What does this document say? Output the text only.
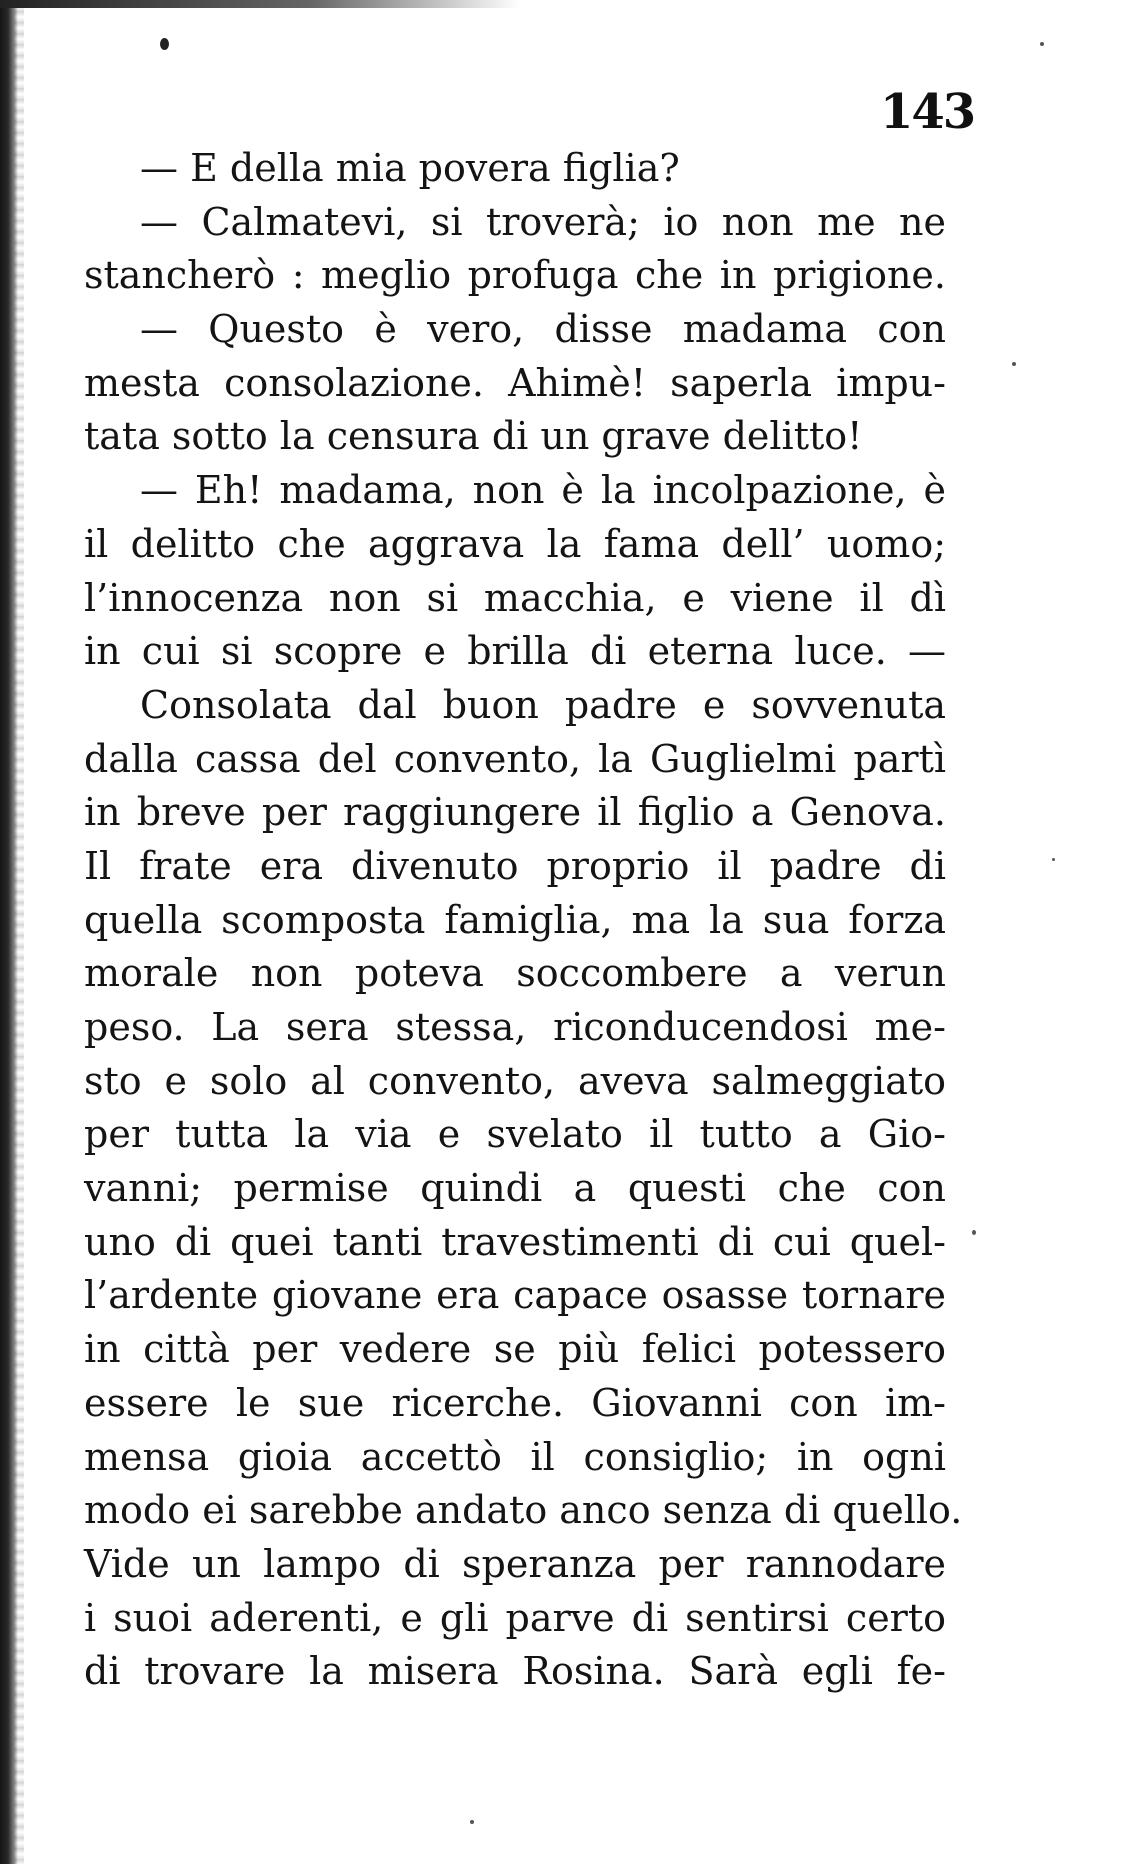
143
— E della mia povera figlia?
— Calmatevi, si troverà; io non me ne
stancherò : meglio profuga che in prigione.
— Questo è vero, disse madama con
mesta consolazione. Ahimè! saperla impu-
tata sotto la censura di un grave delitto!
— Eh! madama, non è la incolpazione, è
il delitto che aggrava la fama dell’ uomo;
l’innocenza non si macchia, e viene il dì
in cui si scopre e brilla di eterna luce. —
Consolata dal buon padre e sovvenuta
dalla cassa del convento, la Guglielmi partì
in breve per raggiungere il figlio a Genova.
Il frate era divenuto proprio il padre di
quella scomposta famiglia, ma la sua forza
morale non poteva soccombere a verun
peso. La sera stessa, riconducendosi me-
sto e solo al convento, aveva salmeggiato
per tutta la via e svelato il tutto a Gio-
vanni; permise quindi a questi che con
uno di quei tanti travestimenti di cui quel-
l’ardente giovane era capace osasse tornare
in città per vedere se più felici potessero
essere le sue ricerche. Giovanni con im-
mensa gioia accettò il consiglio; in ogni
modo ei sarebbe andato anco senza di quello.
Vide un lampo di speranza per rannodare
i suoi aderenti, e gli parve di sentirsi certo
di trovare la misera Rosina. Sarà egli fe-
